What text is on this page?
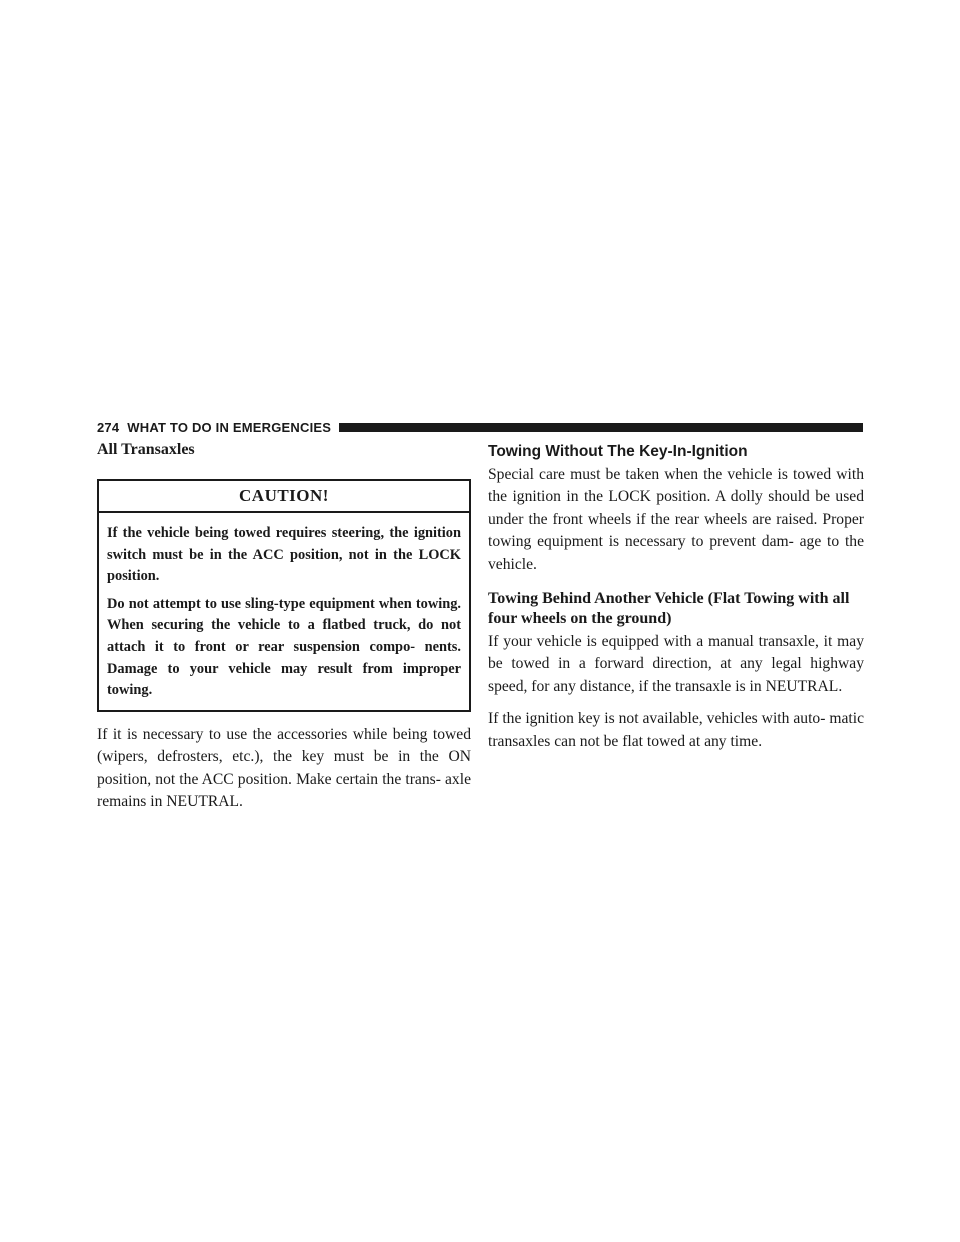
274 WHAT TO DO IN EMERGENCIES
All Transaxles
CAUTION!

If the vehicle being towed requires steering, the ignition switch must be in the ACC position, not in the LOCK position.

Do not attempt to use sling-type equipment when towing. When securing the vehicle to a flatbed truck, do not attach it to front or rear suspension compo- nents. Damage to your vehicle may result from improper towing.

If it is necessary to use the accessories while being towed (wipers, defrosters, etc.), the key must be in the ON position, not the ACC position. Make certain the trans- axle remains in NEUTRAL.

Towing Without The Key-In-Ignition

Special care must be taken when the vehicle is towed with the ignition in the LOCK position. A dolly should be used under the front wheels if the rear wheels are raised. Proper towing equipment is necessary to prevent dam- age to the vehicle.

Towing Behind Another Vehicle (Flat Towing with all four wheels on the ground)

If your vehicle is equipped with a manual transaxle, it may be towed in a forward direction, at any legal highway speed, for any distance, if the transaxle is in NEUTRAL.

If the ignition key is not available, vehicles with auto- matic transaxles can not be flat towed at any time.
